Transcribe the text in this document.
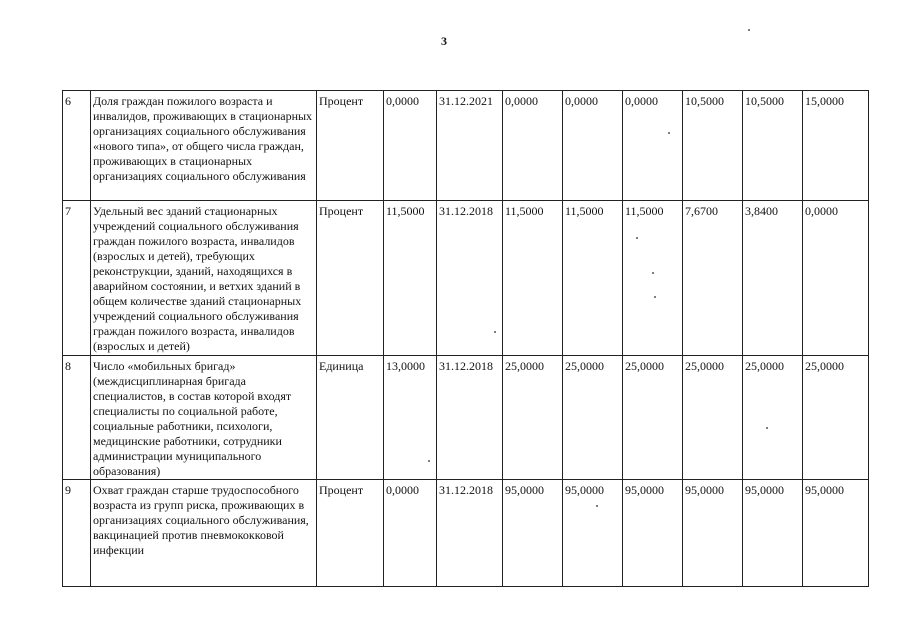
3
6	Доля граждан пожилого возраста и инвалидов, проживающих в стационарных организациях социального обслуживания «нового типа», от общего числа граждан, проживающих в стационарных организациях социального обслуживания	Процент	0,0000	31.12.2021	0,0000	0,0000	0,0000	10,5000	10,5000	15,0000
7	Удельный вес зданий стационарных учреждений социального обслуживания граждан пожилого возраста, инвалидов (взрослых и детей), требующих реконструкции, зданий, находящихся в аварийном состоянии, и ветхих зданий в общем количестве зданий стационарных учреждений социального обслуживания граждан пожилого возраста, инвалидов (взрослых и детей)	Процент	11,5000	31.12.2018	11,5000	11,5000	11,5000	7,6700	3,8400	0,0000
8	Число «мобильных бригад» (междисциплинарная бригада специалистов, в состав которой входят специалисты по социальной работе, социальные работники, психологи, медицинские работники, сотрудники администрации муниципального образования)	Единица	13,0000	31.12.2018	25,0000	25,0000	25,0000	25,0000	25,0000	25,0000
9	Охват граждан старше трудоспособного возраста из групп риска, проживающих в организациях социального обслуживания, вакцинацией против пневмококковой инфекции	Процент	0,0000	31.12.2018	95,0000	95,0000	95,0000	95,0000	95,0000	95,0000
